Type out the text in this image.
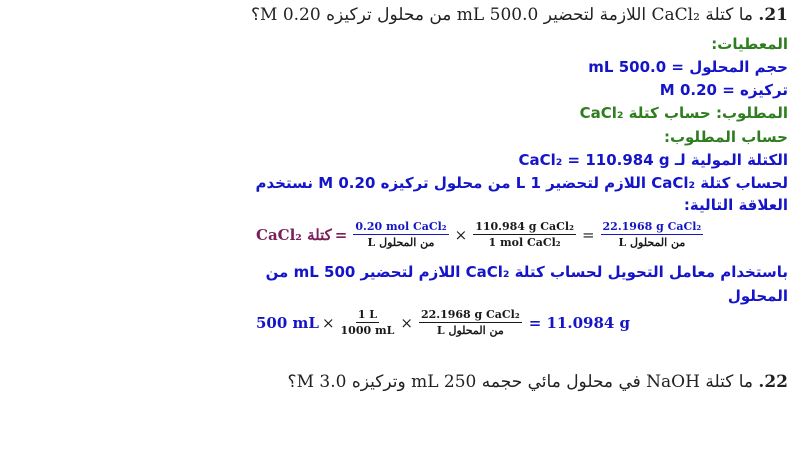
21. ما كتلة CaCl₂ اللازمة لتحضير 500.0 mL من محلول تركيزه 0.20 M؟
المعطيات:
حجم المحلول = 500.0 mL
تركيزه = 0.20 M
المطلوب: حساب كتلة CaCl₂
حساب المطلوب:
الكتلة المولية لـ CaCl₂ = 110.984 g
لحساب كتلة CaCl₂ اللازم لتحضير 1 L من محلول تركيزه 0.20 M نستخدم
العلاقة التالية:
كتلة CaCl₂ = $\frac{\text{0.20 mol CaCl₂}}{\text{L من المحلول}} \times \frac{\text{110.984 g CaCl₂}}{\text{1 mol CaCl₂}} = \frac{\text{22.1968 g CaCl₂}}{\text{L من المحلول}}$
باستخدام معامل التحويل لحساب كتلة CaCl₂ اللازم لتحضير 500 mL من
المحلول
500 mL × $\frac{1 L}{1000 mL} \times \frac{\text{22.1968 g CaCl₂}}{\text{L من المحلول}} = 11.0984$ g
22. ما كتلة NaOH في محلول مائي حجمه 250 mL وتركيزه 3.0 M؟
